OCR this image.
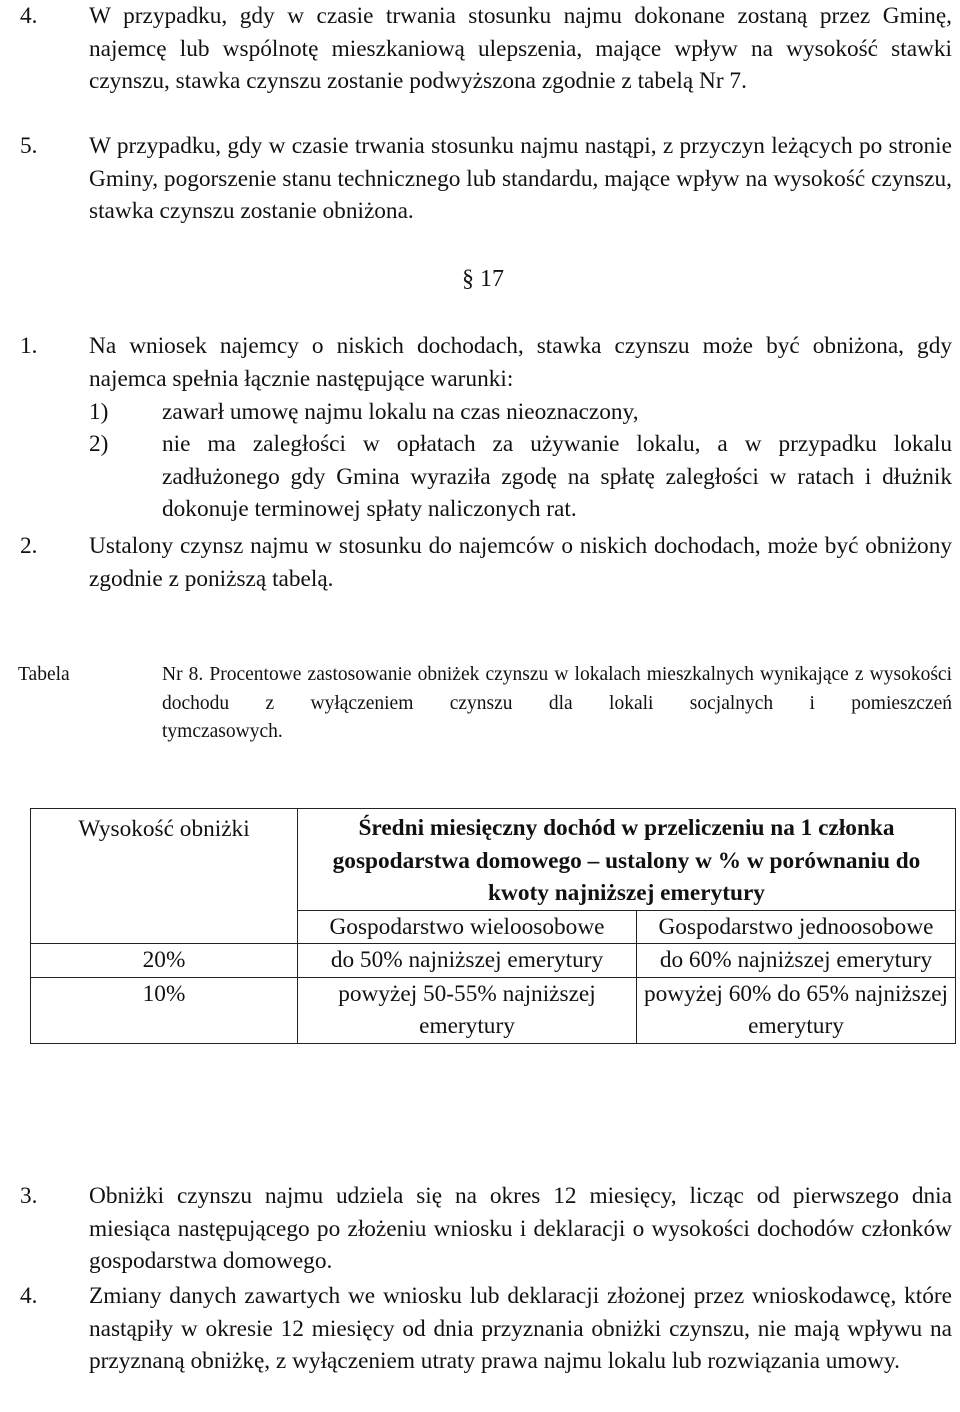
4. W przypadku, gdy w czasie trwania stosunku najmu dokonane zostaną przez Gminę, najemcę lub wspólnotę mieszkaniową ulepszenia, mające wpływ na wysokość stawki czynszu, stawka czynszu zostanie podwyższona zgodnie z tabelą Nr 7.
5. W przypadku, gdy w czasie trwania stosunku najmu nastąpi, z przyczyn leżących po stronie Gminy, pogorszenie stanu technicznego lub standardu, mające wpływ na wysokość czynszu, stawka czynszu zostanie obniżona.
§ 17
1. Na wniosek najemcy o niskich dochodach, stawka czynszu może być obniżona, gdy najemca spełnia łącznie następujące warunki:
1) zawarł umowę najmu lokalu na czas nieoznaczony,
2) nie ma zaległości w opłatach za używanie lokalu, a w przypadku lokalu zadłużonego gdy Gmina wyraziła zgodę na spłatę zaległości w ratach i dłużnik dokonuje terminowej spłaty naliczonych rat.
2. Ustalony czynsz najmu w stosunku do najemców o niskich dochodach, może być obniżony zgodnie z poniższą tabelą.
Tabela	Nr 8. Procentowe zastosowanie obniżek czynszu w lokalach mieszkalnych wynikające z wysokości dochodu z wyłączeniem czynszu dla lokali socjalnych i pomieszczeń
tymczasowych.
Wysokość obniżki	Średni miesięczny dochód w przeliczeniu na 1 członka gospodarstwa domowego – ustalony w % w porównaniu do kwoty najniższej emerytury	
	Gospodarstwo wieloosobowe	Gospodarstwo jednoosobowe
20%	do 50% najniższej emerytury	do 60% najniższej emerytury
10%	powyżej 50-55% najniższej emerytury	powyżej 60% do 65% najniższej emerytury
3. Obniżki czynszu najmu udziela się na okres 12 miesięcy, licząc od pierwszego dnia miesiąca następującego po złożeniu wniosku i deklaracji o wysokości dochodów członków gospodarstwa domowego.
4. Zmiany danych zawartych we wniosku lub deklaracji złożonej przez wnioskodawcę, które nastąpiły w okresie 12 miesięcy od dnia przyznania obniżki czynszu, nie mają wpływu na przyznaną obniżkę, z wyłączeniem utraty prawa najmu lokalu lub rozwiązania umowy.
